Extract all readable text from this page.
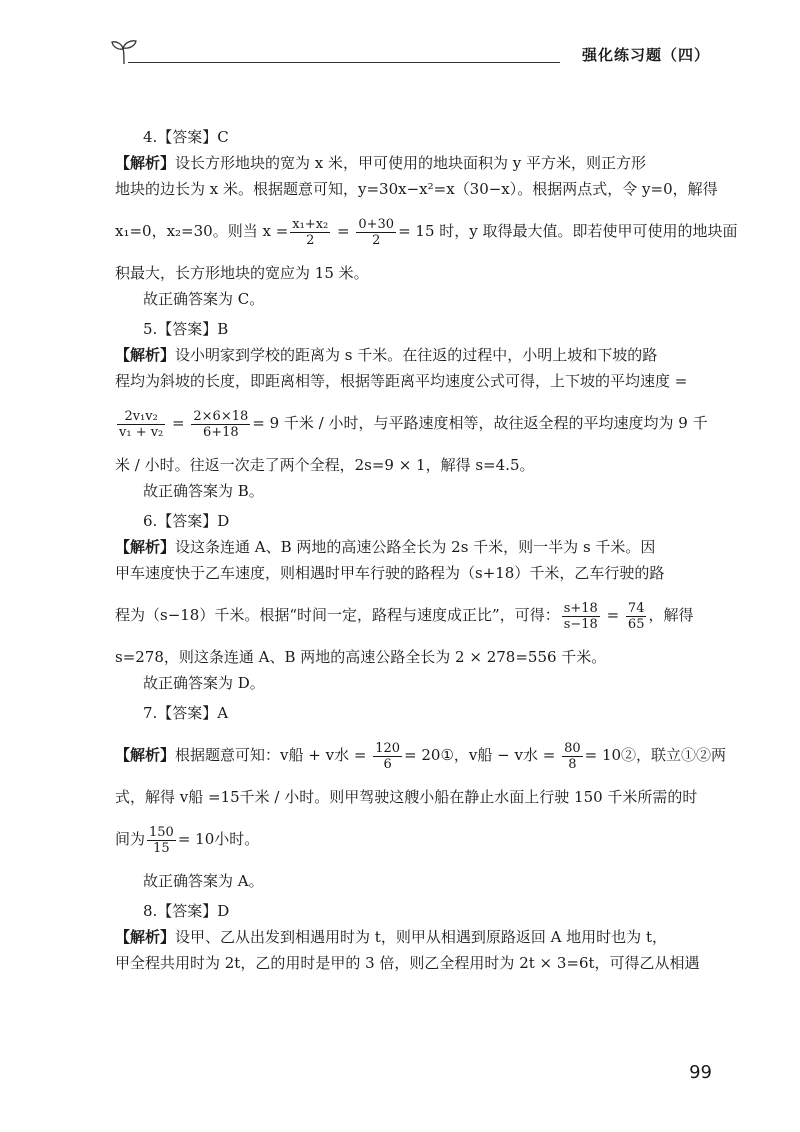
强化练习题（四）

4.【答案】C

【解析】设长方形地块的宽为 x 米，甲可使用的地块面积为 y 平方米，则正方形

地块的边长为 x 米。根据题意可知，y=30x−x²=x（30−x）。根据两点式，令 y=0，解得

x₁=0，x₂=30。则当 $x = \frac{\text{x₁+x₂}}{2} = \frac{0+30}{2} = 15$ 时，y 取得最大值。即若使甲可使用的地块面

积最大，长方形地块的宽应为 15 米。

故正确答案为 C。

5.【答案】B

【解析】设小明家到学校的距离为 s 千米。在往返的过程中，小明上坡和下坡的路

程均为斜坡的长度，即距离相等，根据等距离平均速度公式可得，上下坡的平均速度 =

$\frac{\text{2v₁v₂}}{\text{v₁ + v₂}} = \frac{2\times 6\times 18}{6+18} = 9$ 千米 / 小时，与平路速度相等，故往返全程的平均速度均为 9 千

米 / 小时。往返一次走了两个全程，2s=9 × 1，解得 s=4.5。

故正确答案为 B。

6.【答案】D

【解析】设这条连通 A、B 两地的高速公路全长为 2s 千米，则一半为 s 千米。因

甲车速度快于乙车速度，则相遇时甲车行驶的路程为（s+18）千米，乙车行驶的路

程为（s−18）千米。根据“时间一定，路程与速度成正比”，可得： $\frac{s+18}{s-18} = \frac{74}{65}$ ，解得

s=278，则这条连通 A、B 两地的高速公路全长为 2 × 278=556 千米。

故正确答案为 D。

7.【答案】A

【解析】根据题意可知：v船 + v水 = $\frac{120}{6}$ = 20①，v船 − v水 = $\frac{80}{8}$ = 10②，联立①②两

式，解得 v船 =15千米 / 小时。则甲驾驶这艘小船在静止水面上行驶 150 千米所需的时

间为 $\frac{150}{15} = 10$小时。

故正确答案为 A。

8.【答案】D

【解析】设甲、乙从出发到相遇用时为 t，则甲从相遇到原路返回 A 地用时也为 t，

甲全程共用时为 2t，乙的用时是甲的 3 倍，则乙全程用时为 2t × 3=6t，可得乙从相遇

99
